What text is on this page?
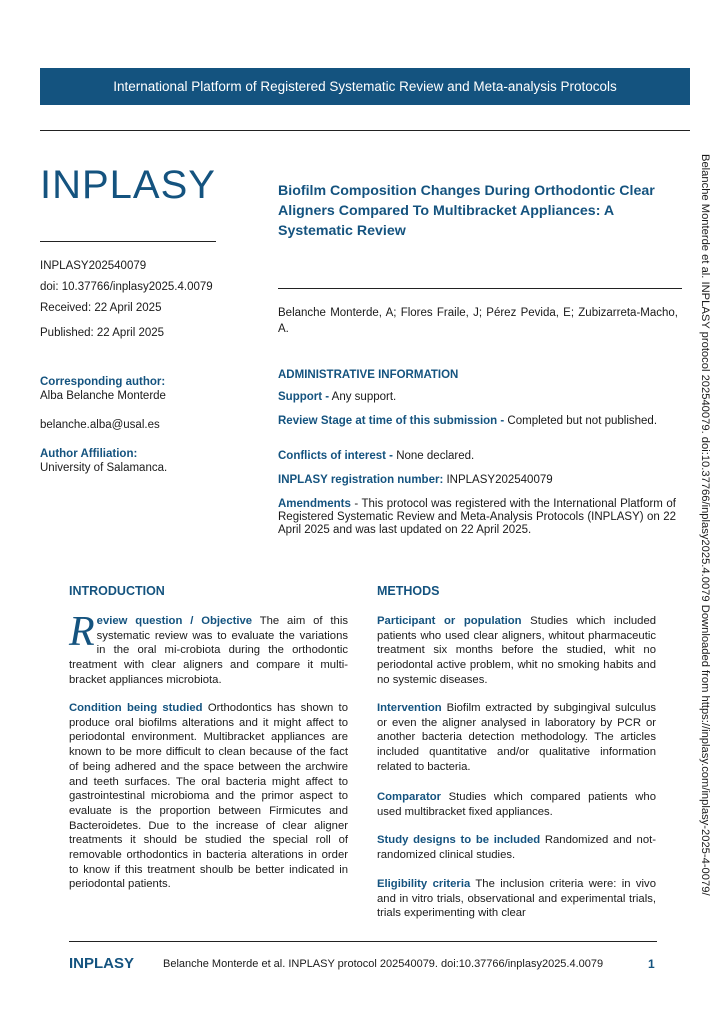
International Platform of Registered Systematic Review and Meta-analysis Protocols
INPLASY
INPLASY202540079
doi: 10.37766/inplasy2025.4.0079
Received: 22 April 2025
Published: 22 April 2025
Corresponding author:
Alba Belanche Monterde
belanche.alba@usal.es
Author Affiliation:
University of Salamanca.
Biofilm Composition Changes During Orthodontic Clear Aligners Compared To Multibracket Appliances: A Systematic Review
Belanche Monterde, A; Flores Fraile, J; Pérez Pevida, E; Zubizarreta-Macho, A.
ADMINISTRATIVE INFORMATION
Support - Any support.
Review Stage at time of this submission - Completed but not published.
Conflicts of interest - None declared.
INPLASY registration number: INPLASY202540079
Amendments - This protocol was registered with the International Platform of Registered Systematic Review and Meta-Analysis Protocols (INPLASY) on 22 April 2025 and was last updated on 22 April 2025.
INTRODUCTION
Review question / Objective The aim of this systematic review was to evaluate the variations in the oral mi-crobiota during the orthodontic treatment with clear aligners and compare it multi-bracket appliances microbiota.
Condition being studied Orthodontics has shown to produce oral biofilms alterations and it might affect to periodontal environment. Multibracket appliances are known to be more difficult to clean because of the fact of being adhered and the space between the archwire and teeth surfaces. The oral bacteria might affect to gastrointestinal microbioma and the primor aspect to evaluate is the proportion between Firmicutes and Bacteroidetes. Due to the increase of clear aligner treatments it should be studied the special roll of removable orthodontics in bacteria alterations in order to know if this treatment shoulb be better indicated in periodontal patients.
METHODS
Participant or population Studies which included patients who used clear aligners, whitout pharmaceutic treatment six months before the studied, whit no periodontal active problem, whit no smoking habits and no systemic diseases.
Intervention Biofilm extracted by subgingival sulculus or even the aligner analysed in laboratory by PCR or another bacteria detection methodology. The articles included quantitative and/or qualitative information related to bacteria.
Comparator Studies which compared patients who used multibracket fixed appliances.
Study designs to be included Randomized and not-randomized clinical studies.
Eligibility criteria The inclusion criteria were: in vivo and in vitro trials, observational and experimental trials, trials experimenting with clear
INPLASY	Belanche Monterde et al. INPLASY protocol 202540079. doi:10.37766/inplasy2025.4.0079	1
Belanche Monterde et al. INPLASY protocol 202540079. doi:10.37766/inplasy2025.4.0079 Downloaded from https://inplasy.com/inplasy-2025-4-0079/
